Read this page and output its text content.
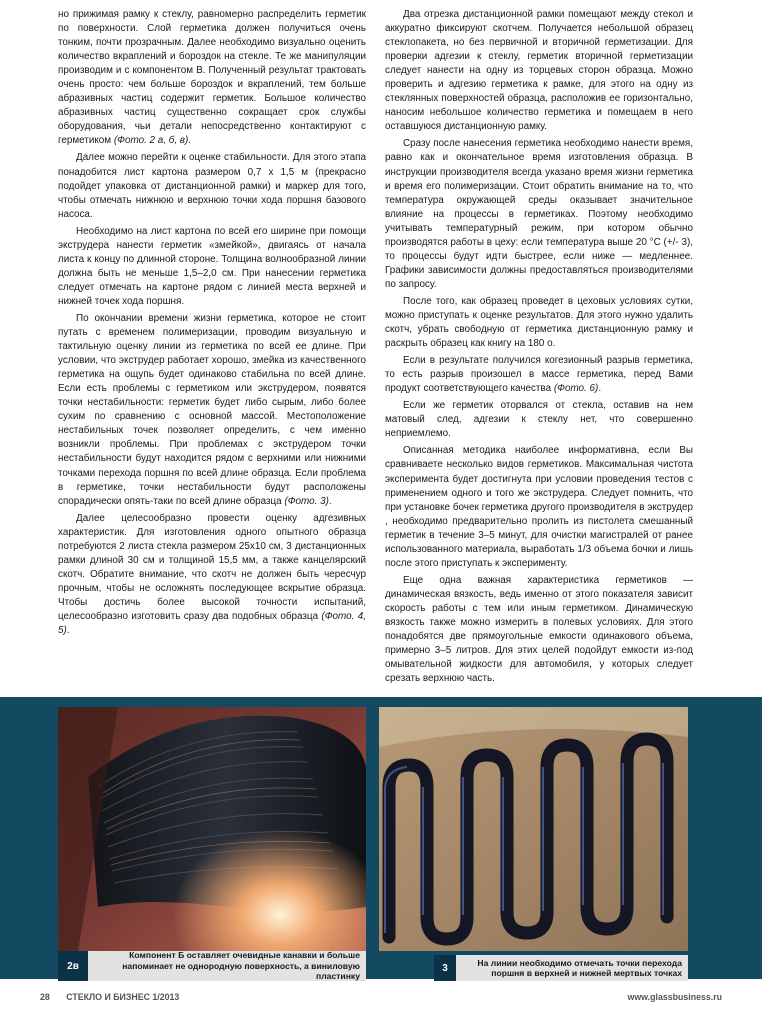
но прижимая рамку к стеклу, равномерно распределить герметик по поверхности. Слой герметика должен получиться очень тонким, почти прозрачным. Далее необходимо визуально оценить количество вкраплений и бороздок на стекле. Те же манипуляции производим и с компонентом В. Полученный результат трактовать очень просто: чем больше бороздок и вкраплений, тем больше абразивных частиц содержит герметик. Большое количество абразивных частиц существенно сокращает срок службы оборудования, чьи детали непосредственно контактируют с герметиком (Фото. 2 а, б, в).

Далее можно перейти к оценке стабильности. Для этого этапа понадобится лист картона размером 0,7 х 1,5 м (прекрасно подойдет упаковка от дистанционной рамки) и маркер для того, чтобы отмечать нижнюю и верхнюю точки хода поршня базового насоса.

Необходимо на лист картона по всей его ширине при помощи экструдера нанести герметик «змейкой», двигаясь от начала листа к концу по длинной стороне. Толщина волнообразной линии должна быть не меньше 1,5–2,0 см. При нанесении герметика следует отмечать на картоне рядом с линией места верхней и нижней точек хода поршня.

По окончании времени жизни герметика, которое не стоит путать с временем полимеризации, проводим визуальную и тактильную оценку линии из герметика по всей ее длине. При условии, что экструдер работает хорошо, змейка из качественного герметика на ощупь будет одинаково стабильна по всей длине. Если есть проблемы с герметиком или экструдером, появятся точки нестабильности: герметик будет либо сырым, либо более сухим по сравнению с основной массой. Местоположение нестабильных точек позволяет определить, с чем именно возникли проблемы. При проблемах с экструдером точки нестабильности будут находится рядом с верхними или нижними точками перехода поршня по всей длине образца. Если проблема в герметике, точки нестабильности будут расположены спорадически опять-таки по всей длине образца (Фото. 3).

Далее целесообразно провести оценку адгезивных характеристик. Для изготовления одного опытного образца потребуются 2 листа стекла размером 25х10 см, 3 дистанционных рамки длиной 30 см и толщиной 15,5 мм, а также канцелярский скотч. Обратите внимание, что скотч не должен быть чересчур прочным, чтобы не осложнять последующее вскрытие образца. Чтобы достичь более высокой точности испытаний, целесообразно изготовить сразу два подобных образца (Фото. 4, 5).

Два отрезка дистанционной рамки помещают между стекол и аккуратно фиксируют скотчем. Получается небольшой образец стеклопакета, но без первичной и вторичной герметизации. Для проверки адгезии к стеклу, герметик вторичной герметизации следует нанести на одну из торцевых сторон образца. Можно проверить и адгезию герметика к рамке, для этого на одну из стеклянных поверхностей образца, расположив ее горизонтально, наносим небольшое количество герметика и помещаем в него оставшуюся дистанционную рамку.

Сразу после нанесения герметика необходимо нанести время, равно как и окончательное время изготовления образца. В инструкции производителя всегда указано время жизни герметика и время его полимеризации. Стоит обратить внимание на то, что температура окружающей среды оказывает значительное влияние на процессы в герметиках. Поэтому необходимо учитывать температурный режим, при котором обычно производятся работы в цеху: если температура выше 20 °С (+/- 3), то процессы будут идти быстрее, если ниже — медленнее. Графики зависимости должны предоставляться производителями по запросу.

После того, как образец проведет в цеховых условиях сутки, можно приступать к оценке результатов. Для этого нужно удалить скотч, убрать свободную от герметика дистанционную рамку и раскрыть образец как книгу на 180 о.

Если в результате получился когезионный разрыв герметика, то есть разрыв произошел в массе герметика, перед Вами продукт соответствующего качества (Фото. 6).

Если же герметик оторвался от стекла, оставив на нем матовый след, адгезии к стеклу нет, что совершенно неприемлемо.

Описанная методика наиболее информативна, если Вы сравниваете несколько видов герметиков. Максимальная чистота эксперимента будет достигнута при условии проведения тестов с применением одного и того же экструдера. Следует помнить, что при установке бочек герметика другого производителя в экструдер , необходимо предварительно пролить из пистолета смешанный герметик в течение 3–5 минут, для очистки магистралей от ранее использованного материала, выработать 1/3 объема бочки и лишь после этого приступать к эксперименту.

Еще одна важная характеристика герметиков — динамическая вязкость, ведь именно от этого показателя зависит скорость работы с тем или иным герметиком. Динамическую вязкость также можно измерить в полевых условиях. Для этого понадобятся две прямоугольные емкости одинакового объема, примерно 3–5 литров. Для этих целей подойдут емкости из-под омывательной жидкости для автомобиля, у которых следует срезать верхнюю часть.

Компонент Б оставляет очевидные канавки и больше напоминает не однородную поверхность, а виниловую пластинку
2в	На линии необходимо отмечать точки перехода поршня в верхней и нижней мертвых точках
3
28 СТЕКЛО И БИЗНЕС 1/2013	www.glassbusiness.ru
